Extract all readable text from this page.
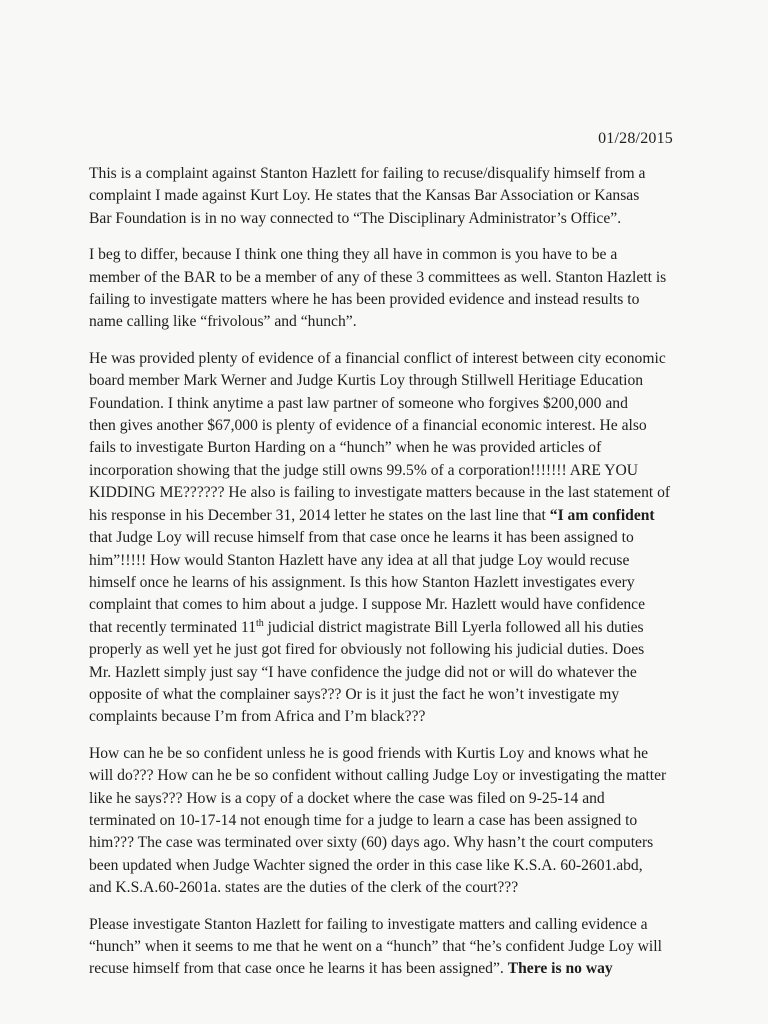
01/28/2015

This is a complaint against Stanton Hazlett for failing to recuse/disqualify himself from a
complaint I made against Kurt Loy. He states that the Kansas Bar Association or Kansas
Bar Foundation is in no way connected to “The Disciplinary Administrator’s Office”.

I beg to differ, because I think one thing they all have in common is you have to be a
member of the BAR to be a member of any of these 3 committees as well. Stanton Hazlett is
failing to investigate matters where he has been provided evidence and instead results to
name calling like “frivolous” and “hunch”.

He was provided plenty of evidence of a financial conflict of interest between city economic
board member Mark Werner and Judge Kurtis Loy through Stillwell Heritiage Education
Foundation. I think anytime a past law partner of someone who forgives $200,000 and
then gives another $67,000 is plenty of evidence of a financial economic interest. He also
fails to investigate Burton Harding on a “hunch” when he was provided articles of
incorporation showing that the judge still owns 99.5% of a corporation!!!!!!! ARE YOU
KIDDING ME?????? He also is failing to investigate matters because in the last statement of
his response in his December 31, 2014 letter he states on the last line that “I am confident
that Judge Loy will recuse himself from that case once he learns it has been assigned to
him”!!!!! How would Stanton Hazlett have any idea at all that judge Loy would recuse
himself once he learns of his assignment. Is this how Stanton Hazlett investigates every
complaint that comes to him about a judge. I suppose Mr. Hazlett would have confidence
that recently terminated 11th judicial district magistrate Bill Lyerla followed all his duties
properly as well yet he just got fired for obviously not following his judicial duties. Does
Mr. Hazlett simply just say “I have confidence the judge did not or will do whatever the
opposite of what the complainer says??? Or is it just the fact he won’t investigate my
complaints because I’m from Africa and I’m black???

How can he be so confident unless he is good friends with Kurtis Loy and knows what he
will do??? How can he be so confident without calling Judge Loy or investigating the matter
like he says??? How is a copy of a docket where the case was filed on 9-25-14 and
terminated on 10-17-14 not enough time for a judge to learn a case has been assigned to
him??? The case was terminated over sixty (60) days ago. Why hasn’t the court computers
been updated when Judge Wachter signed the order in this case like K.S.A. 60-2601.abd,
and K.S.A.60-2601a. states are the duties of the clerk of the court???

Please investigate Stanton Hazlett for failing to investigate matters and calling evidence a
“hunch” when it seems to me that he went on a “hunch” that “he’s confident Judge Loy will
recuse himself from that case once he learns it has been assigned”. There is no way
